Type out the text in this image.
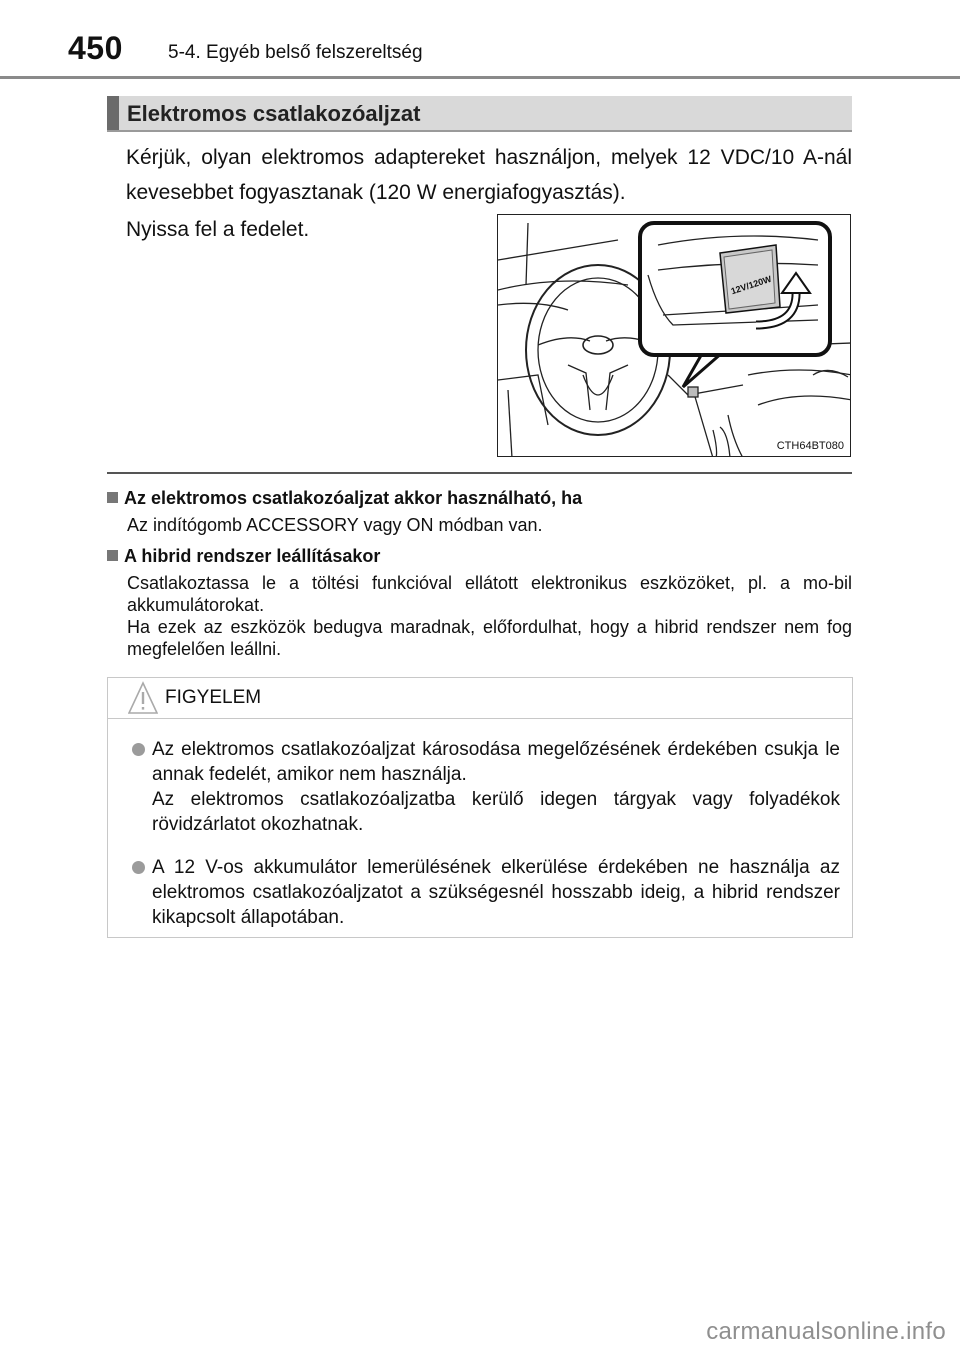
450 5-4. Egyéb belső felszereltség
Elektromos csatlakozóaljzat

Kérjük, olyan elektromos adaptereket használjon, melyek 12 VDC/10 A-nál kevesebbet fogyasztanak (120 W energiafogyasztás).

Nyissa fel a fedelet.

12V/120W
CTH64BT080

Az elektromos csatlakozóaljzat akkor használható, ha

Az indítógomb ACCESSORY vagy ON módban van.

A hibrid rendszer leállításakor

Csatlakoztassa le a töltési funkcióval ellátott elektronikus eszközöket, pl. a mo-bil akkumulátorokat.

Ha ezek az eszközök bedugva maradnak, előfordulhat, hogy a hibrid rendszer nem fog megfelelően leállni.

FIGYELEM

Az elektromos csatlakozóaljzat károsodása megelőzésének érdekében csukja le annak fedelét, amikor nem használja.

Az elektromos csatlakozóaljzatba kerülő idegen tárgyak vagy folyadékok rövidzárlatot okozhatnak.

A 12 V-os akkumulátor lemerülésének elkerülése érdekében ne használja az elektromos csatlakozóaljzatot a szükségesnél hosszabb ideig, a hibrid rendszer kikapcsolt állapotában.

carmanualsonline.info
